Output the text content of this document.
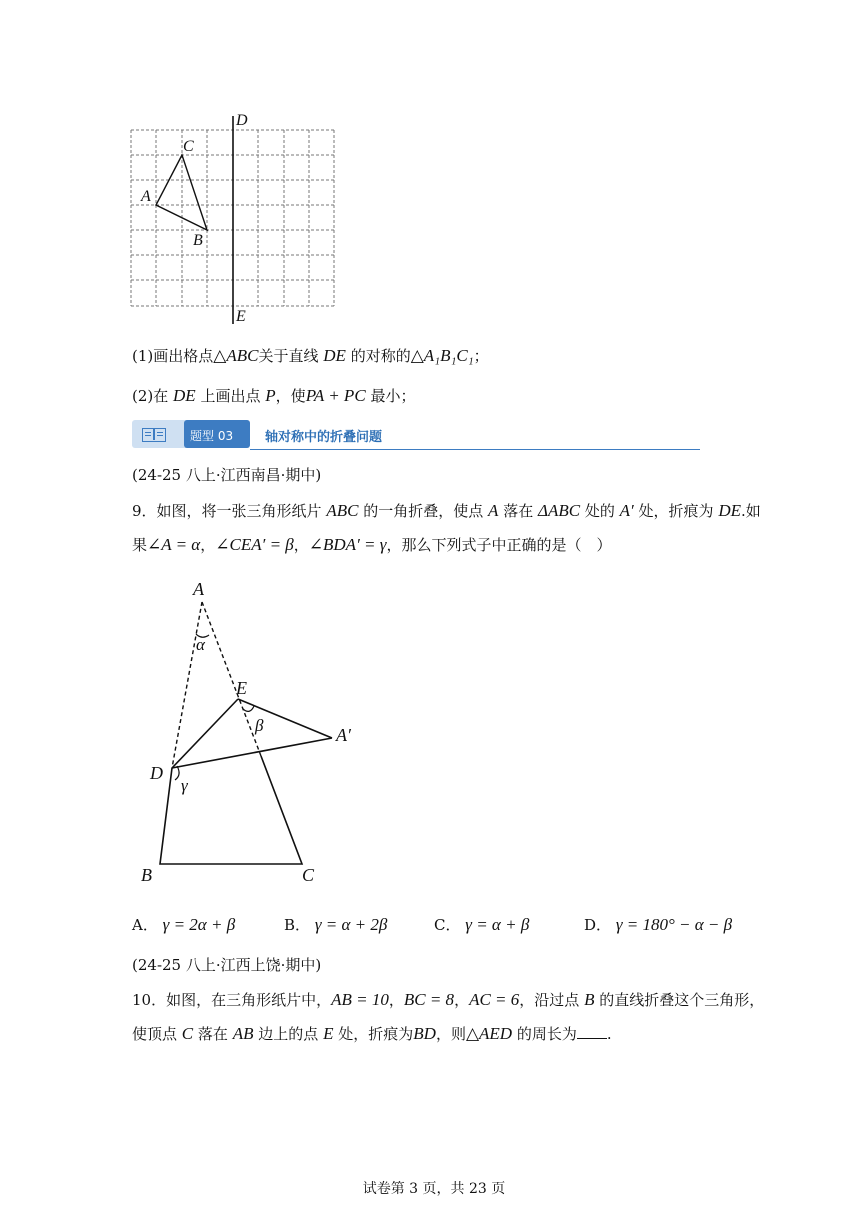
C
A
B
D
E
(1)画出格点△ABC关于直线 DE 的对称的△A₁B₁C₁；
(2)在 DE 上画出点 P，使PA + PC 最小；
题型 03 轴对称中的折叠问题
(24-25 八上·江西南昌·期中)
9．如图，将一张三角形纸片 ABC 的一角折叠，使点 A 落在 ΔABC 处的 A′ 处，折痕为 DE.如
果∠A = α，∠CEA′ = β，∠BDA′ = γ，那么下列式子中正确的是（　）
A
α
E
β	A′
D
γ
B	C
A． γ = 2α + β	B． γ = α + 2β	C． γ = α + β	D． γ = 180° − α − β
(24-25 八上·江西上饶·期中)
10．如图，在三角形纸片中，AB = 10，BC = 8，AC = 6，沿过点 B 的直线折叠这个三角形，
使顶点 C 落在 AB 边上的点 E 处，折痕为BD，则△AED 的周长为 .
试卷第 3 页，共 23 页
